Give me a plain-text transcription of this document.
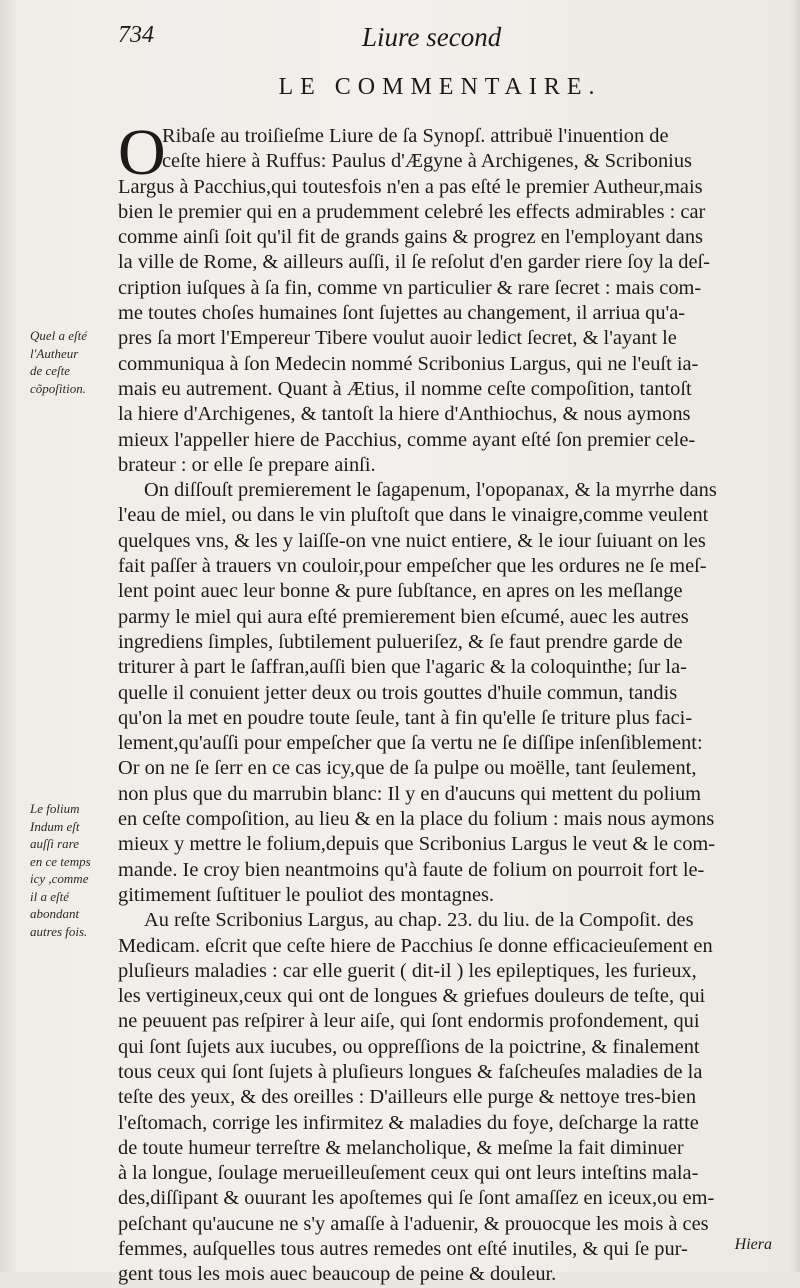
734	Liure second
LE COMMENTAIRE.
Quel a eſté
l'Autheur
de ceſte
cõpoſition.
Le folium
Indum eſt
auſſi rare
en ce temps
icy ,comme
il a eſté
abondant
autres fois.
O
Ribaſe au troiſieſme Liure de ſa Synopſ. attribuë l'inuention de
ceſte hiere à Ruffus: Paulus d'Ægyne à Archigenes, & Scribonius
Largus à Pacchius,qui toutesfois n'en a pas eſté le premier Autheur,mais
bien le premier qui en a prudemment celebré les effects admirables : car
comme ainſi ſoit qu'il fit de grands gains & progrez en l'employant dans
la ville de Rome, & ailleurs auſſi, il ſe reſolut d'en garder riere ſoy la deſ-
cription iuſques à ſa fin, comme vn particulier & rare ſecret : mais com-
me toutes choſes humaines ſont ſujettes au changement, il arriua qu'a-
pres ſa mort l'Empereur Tibere voulut auoir ledict ſecret, & l'ayant le
communiqua à ſon Medecin nommé Scribonius Largus, qui ne l'euſt ia-
mais eu autrement. Quant à Ætius, il nomme ceſte compoſition, tantoſt
la hiere d'Archigenes, & tantoſt la hiere d'Anthiochus, & nous aymons
mieux l'appeller hiere de Pacchius, comme ayant eſté ſon premier cele-
brateur : or elle ſe prepare ainſi.
On diſſouſt premierement le ſagapenum, l'opopanax, & la myrrhe dans
l'eau de miel, ou dans le vin pluſtoſt que dans le vinaigre,comme veulent
quelques vns, & les y laiſſe-on vne nuict entiere, & le iour ſuiuant on les
fait paſſer à trauers vn couloir,pour empeſcher que les ordures ne ſe meſ-
lent point auec leur bonne & pure ſubſtance, en apres on les meſlange
parmy le miel qui aura eſté premierement bien eſcumé, auec les autres
ingrediens ſimples, ſubtilement pulueriſez, & ſe faut prendre garde de
triturer à part le ſaffran,auſſi bien que l'agaric & la coloquinthe; ſur la-
quelle il conuient jetter deux ou trois gouttes d'huile commun, tandis
qu'on la met en poudre toute ſeule, tant à fin qu'elle ſe triture plus faci-
lement,qu'auſſi pour empeſcher que ſa vertu ne ſe diſſipe inſenſiblement:
Or on ne ſe ſerr en ce cas icy,que de ſa pulpe ou moëlle, tant ſeulement,
non plus que du marrubin blanc: Il y en d'aucuns qui mettent du polium
en ceſte compoſition, au lieu & en la place du folium : mais nous aymons
mieux y mettre le folium,depuis que Scribonius Largus le veut & le com-
mande. Ie croy bien neantmoins qu'à faute de folium on pourroit fort le-
gitimement ſuſtituer le pouliot des montagnes.
Au reſte Scribonius Largus, au chap. 23. du liu. de la Compoſit. des
Medicam. eſcrit que ceſte hiere de Pacchius ſe donne efficacieuſement en
pluſieurs maladies : car elle guerit ( dit-il ) les epileptiques, les furieux,
les vertigineux,ceux qui ont de longues & griefues douleurs de teſte, qui
ne peuuent pas reſpirer à leur aiſe, qui ſont endormis profondement, qui
qui ſont ſujets aux iucubes, ou oppreſſions de la poictrine, & finalement
tous ceux qui ſont ſujets à pluſieurs longues & faſcheuſes maladies de la
teſte des yeux, & des oreilles : D'ailleurs elle purge & nettoye tres-bien
l'eſtomach, corrige les infirmitez & maladies du foye, deſcharge la ratte
de toute humeur terreſtre & melancholique, & meſme la fait diminuer
à la longue, ſoulage merueilleuſement ceux qui ont leurs inteſtins mala-
des,diſſipant & ouurant les apoſtemes qui ſe ſont amaſſez en iceux,ou em-
peſchant qu'aucune ne s'y amaſſe à l'aduenir, & prouocque les mois à ces
femmes, auſquelles tous autres remedes ont eſté inutiles, & qui ſe pur-
gent tous les mois auec beaucoup de peine & douleur.
Hiera
